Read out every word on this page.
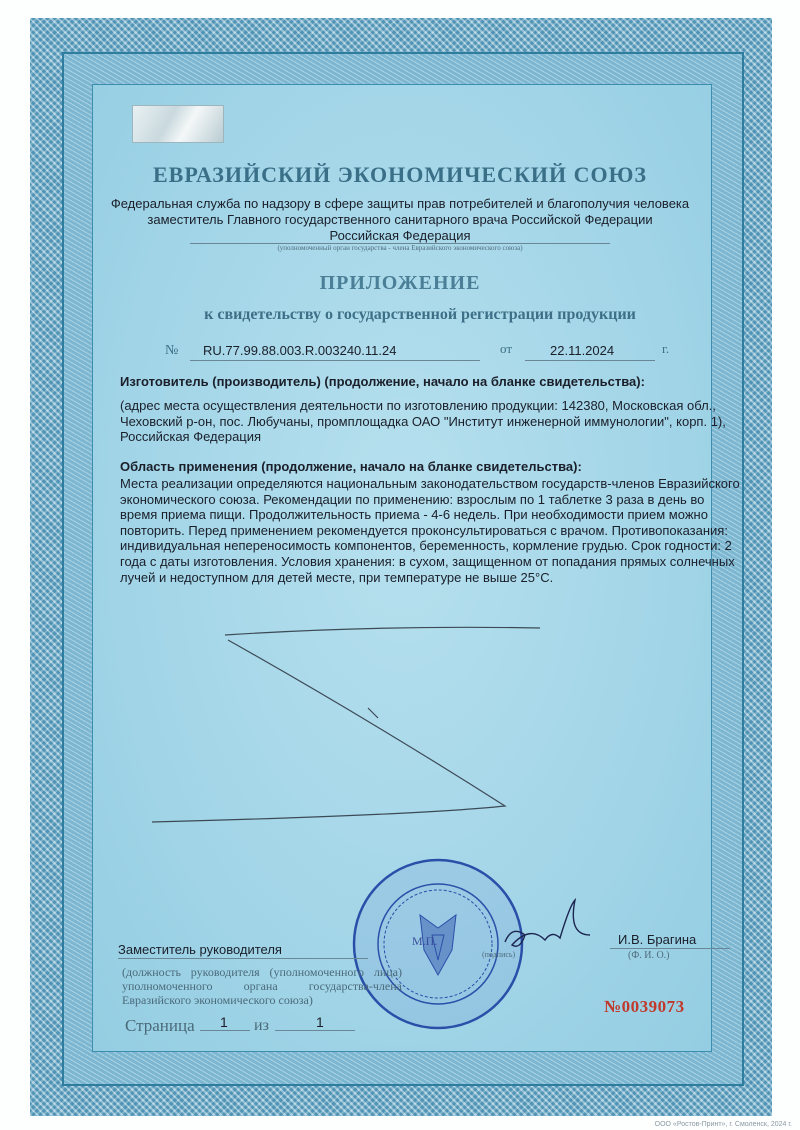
ЕВРАЗИЙСКИЙ ЭКОНОМИЧЕСКИЙ СОЮЗ
Федеральная служба по надзору в сфере защиты прав потребителей и благополучия человека
заместитель Главного государственного санитарного врача Российской Федерации
Российская Федерация
(уполномоченный орган государства - члена Евразийского экономического союза)
ПРИЛОЖЕНИЕ
к свидетельству о государственной регистрации продукции
№ RU.77.99.88.003.R.003240.11.24	от	22.11.2024	г.
Изготовитель (производитель) (продолжение, начало на бланке свидетельства):
(адрес места осуществления деятельности по изготовлению продукции: 142380, Московская обл., Чеховский р-он, пос. Любучаны, промплощадка ОАО "Институт инженерной иммунологии", корп. 1), Российская Федерация
Область применения (продолжение, начало на бланке свидетельства):
Места реализации определяются национальным законодательством государств-членов Евразийского экономического союза. Рекомендации по применению: взрослым по 1 таблетке 3 раза в день во время приема пищи. Продолжительность приема - 4-6 недель. При необходимости прием можно повторить. Перед применением рекомендуется проконсультироваться с врачом. Противопоказания: индивидуальная непереносимость компонентов, беременность, кормление грудью. Срок годности: 2 года с даты изготовления. Условия хранения: в сухом, защищенном от попадания прямых солнечных лучей и недоступном для детей месте, при температуре не выше 25°С.
Заместитель руководителя
И.В. Брагина
(подпись)	(Ф. И. О.)
М.П.
(должность руководителя (уполномоченного лица) уполномоченного органа государства-члена Евразийского экономического союза)
Страница 1 из	1
№0039073
ООО «Ростов-Принт», г. Смоленск, 2024 г.
